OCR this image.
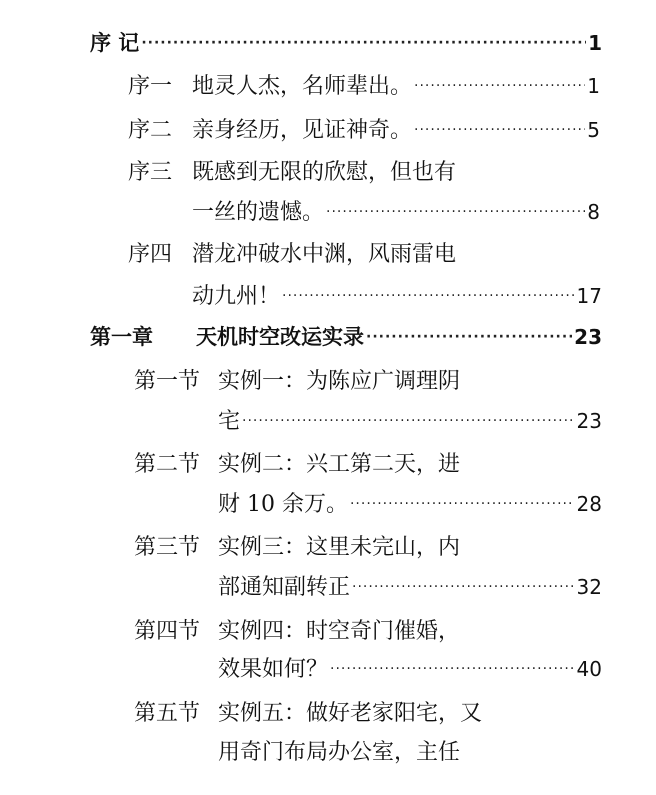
序 记 ·····	1
序一 地灵人杰，名师辈出。 ·····	1
序二 亲身经历，见证神奇。 ·····	5
序三 既感到无限的欣慰，但也有
一丝的遗憾。 ·····	8
序四 潜龙冲破水中渊，风雨雷电
动九州！ ·····	17
第一章	天机时空改运实录 ·····	23
第一节 实例一：为陈应广调理阴
宅 ·····	23
第二节 实例二：兴工第二天，进
财 10 余万。 ·····	28
第三节 实例三：这里未完山，内
部通知副转正 ·····	32
第四节 实例四：时空奇门催婚，
效果如何？ ·····	40
第五节 实例五：做好老家阳宅，又
用奇门布局办公室，主任
